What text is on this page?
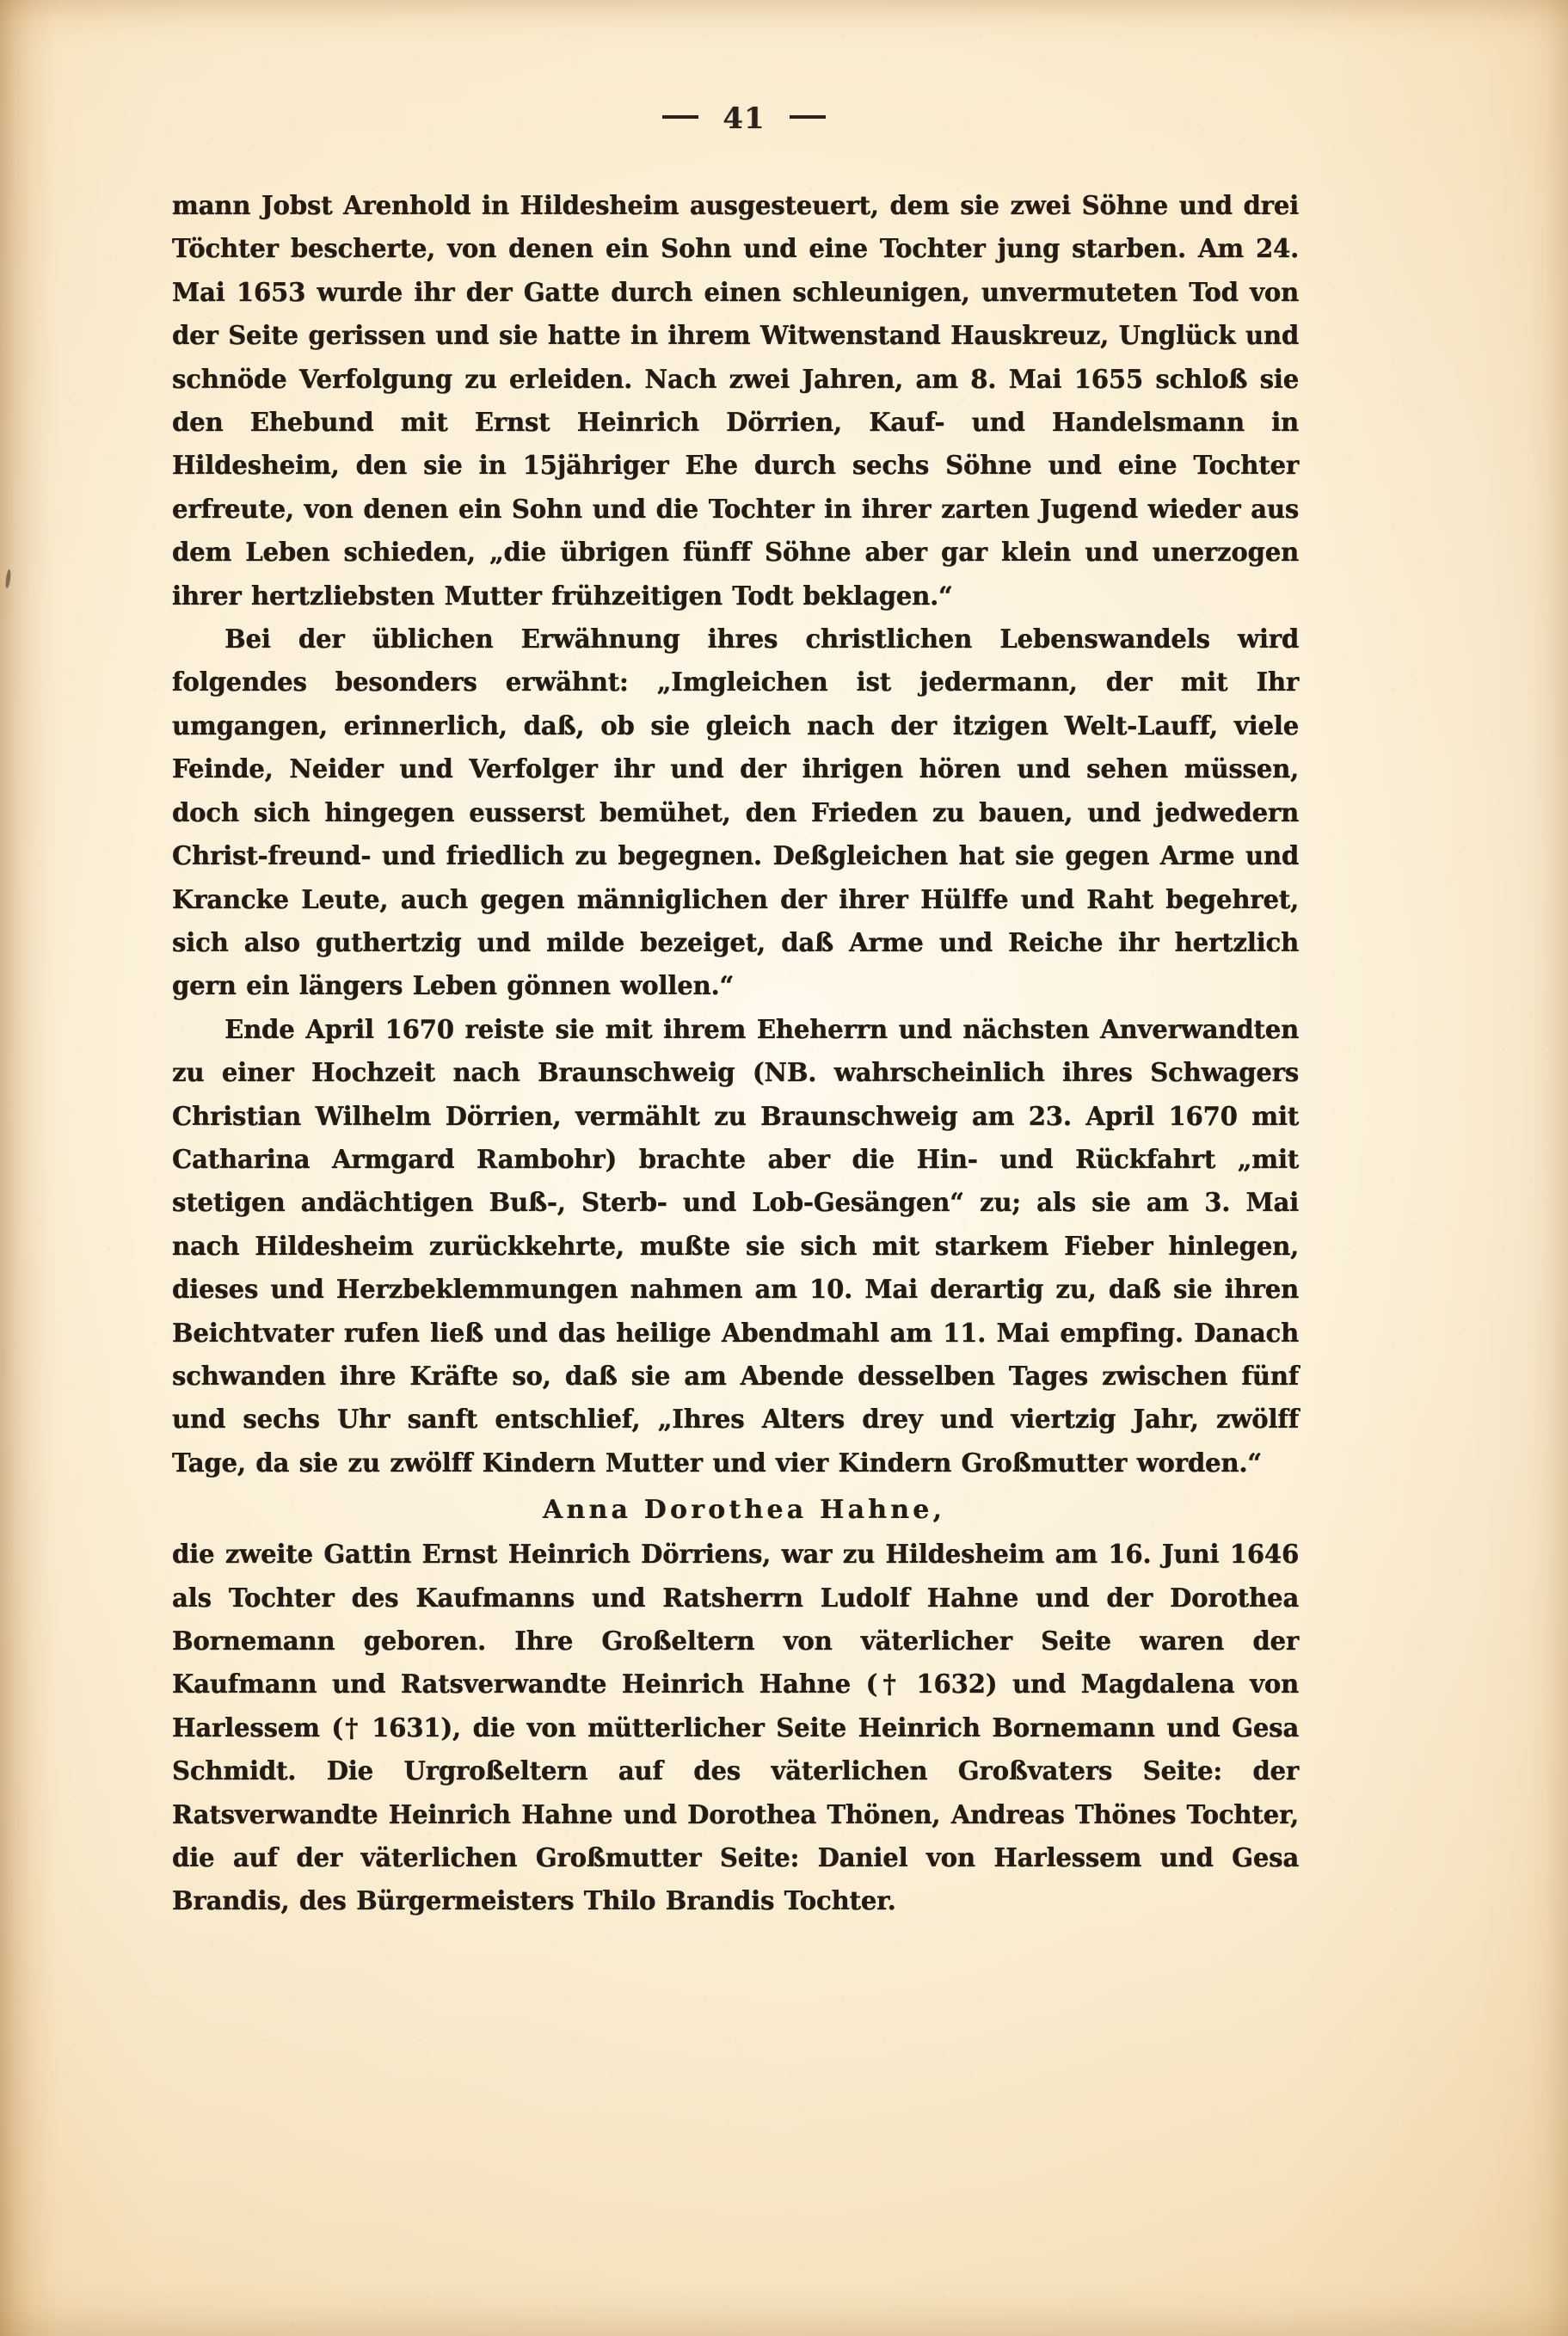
41

mann Jobst Arenhold in Hildesheim ausgesteuert, dem sie zwei Söhne und drei Töchter bescherte, von denen ein Sohn und eine Tochter jung starben. Am 24. Mai 1653 wurde ihr der Gatte durch einen schleunigen, unvermuteten Tod von der Seite gerissen und sie hatte in ihrem Witwenstand Hauskreuz, Unglück und schnöde Verfolgung zu erleiden. Nach zwei Jahren, am 8. Mai 1655 schloß sie den Ehebund mit Ernst Heinrich Dörrien, Kauf- und Handelsmann in Hildesheim, den sie in 15jähriger Ehe durch sechs Söhne und eine Tochter erfreute, von denen ein Sohn und die Tochter in ihrer zarten Jugend wieder aus dem Leben schieden, „die übrigen fünff Söhne aber gar klein und unerzogen ihrer hertzliebsten Mutter frühzeitigen Todt beklagen.“

Bei der üblichen Erwähnung ihres christlichen Lebenswandels wird folgendes besonders erwähnt: „Imgleichen ist jedermann, der mit Ihr umgangen, erinnerlich, daß, ob sie gleich nach der itzigen Welt-Lauff, viele Feinde, Neider und Verfolger ihr und der ihrigen hören und sehen müssen, doch sich hingegen eusserst bemühet, den Frieden zu bauen, und jedwedern Christ-freund- und friedlich zu begegnen. Deßgleichen hat sie gegen Arme und Krancke Leute, auch gegen männiglichen der ihrer Hülffe und Raht begehret, sich also guthertzig und milde bezeiget, daß Arme und Reiche ihr hertzlich gern ein längers Leben gönnen wollen.“

Ende April 1670 reiste sie mit ihrem Eheherrn und nächsten Anverwandten zu einer Hochzeit nach Braunschweig (NB. wahrscheinlich ihres Schwagers Christian Wilhelm Dörrien, vermählt zu Braunschweig am 23. April 1670 mit Catharina Armgard Rambohr) brachte aber die Hin- und Rückfahrt „mit stetigen andächtigen Buß-, Sterb- und Lob-Gesängen“ zu; als sie am 3. Mai nach Hildesheim zurückkehrte, mußte sie sich mit starkem Fieber hinlegen, dieses und Herzbeklemmungen nahmen am 10. Mai derartig zu, daß sie ihren Beichtvater rufen ließ und das heilige Abendmahl am 11. Mai empfing. Danach schwanden ihre Kräfte so, daß sie am Abende desselben Tages zwischen fünf und sechs Uhr sanft entschlief, „Ihres Alters drey und viertzig Jahr, zwölff Tage, da sie zu zwölff Kindern Mutter und vier Kindern Großmutter worden.“

Anna Dorothea Hahne,

die zweite Gattin Ernst Heinrich Dörriens, war zu Hildesheim am 16. Juni 1646 als Tochter des Kaufmanns und Ratsherrn Ludolf Hahne und der Dorothea Bornemann geboren. Ihre Großeltern von väterlicher Seite waren der Kaufmann und Ratsverwandte Heinrich Hahne († 1632) und Magdalena von Harlessem († 1631), die von mütterlicher Seite Heinrich Bornemann und Gesa Schmidt. Die Urgroßeltern auf des väterlichen Großvaters Seite: der Ratsverwandte Heinrich Hahne und Dorothea Thönen, Andreas Thönes Tochter, die auf der väterlichen Großmutter Seite: Daniel von Harlessem und Gesa Brandis, des Bürgermeisters Thilo Brandis Tochter.
